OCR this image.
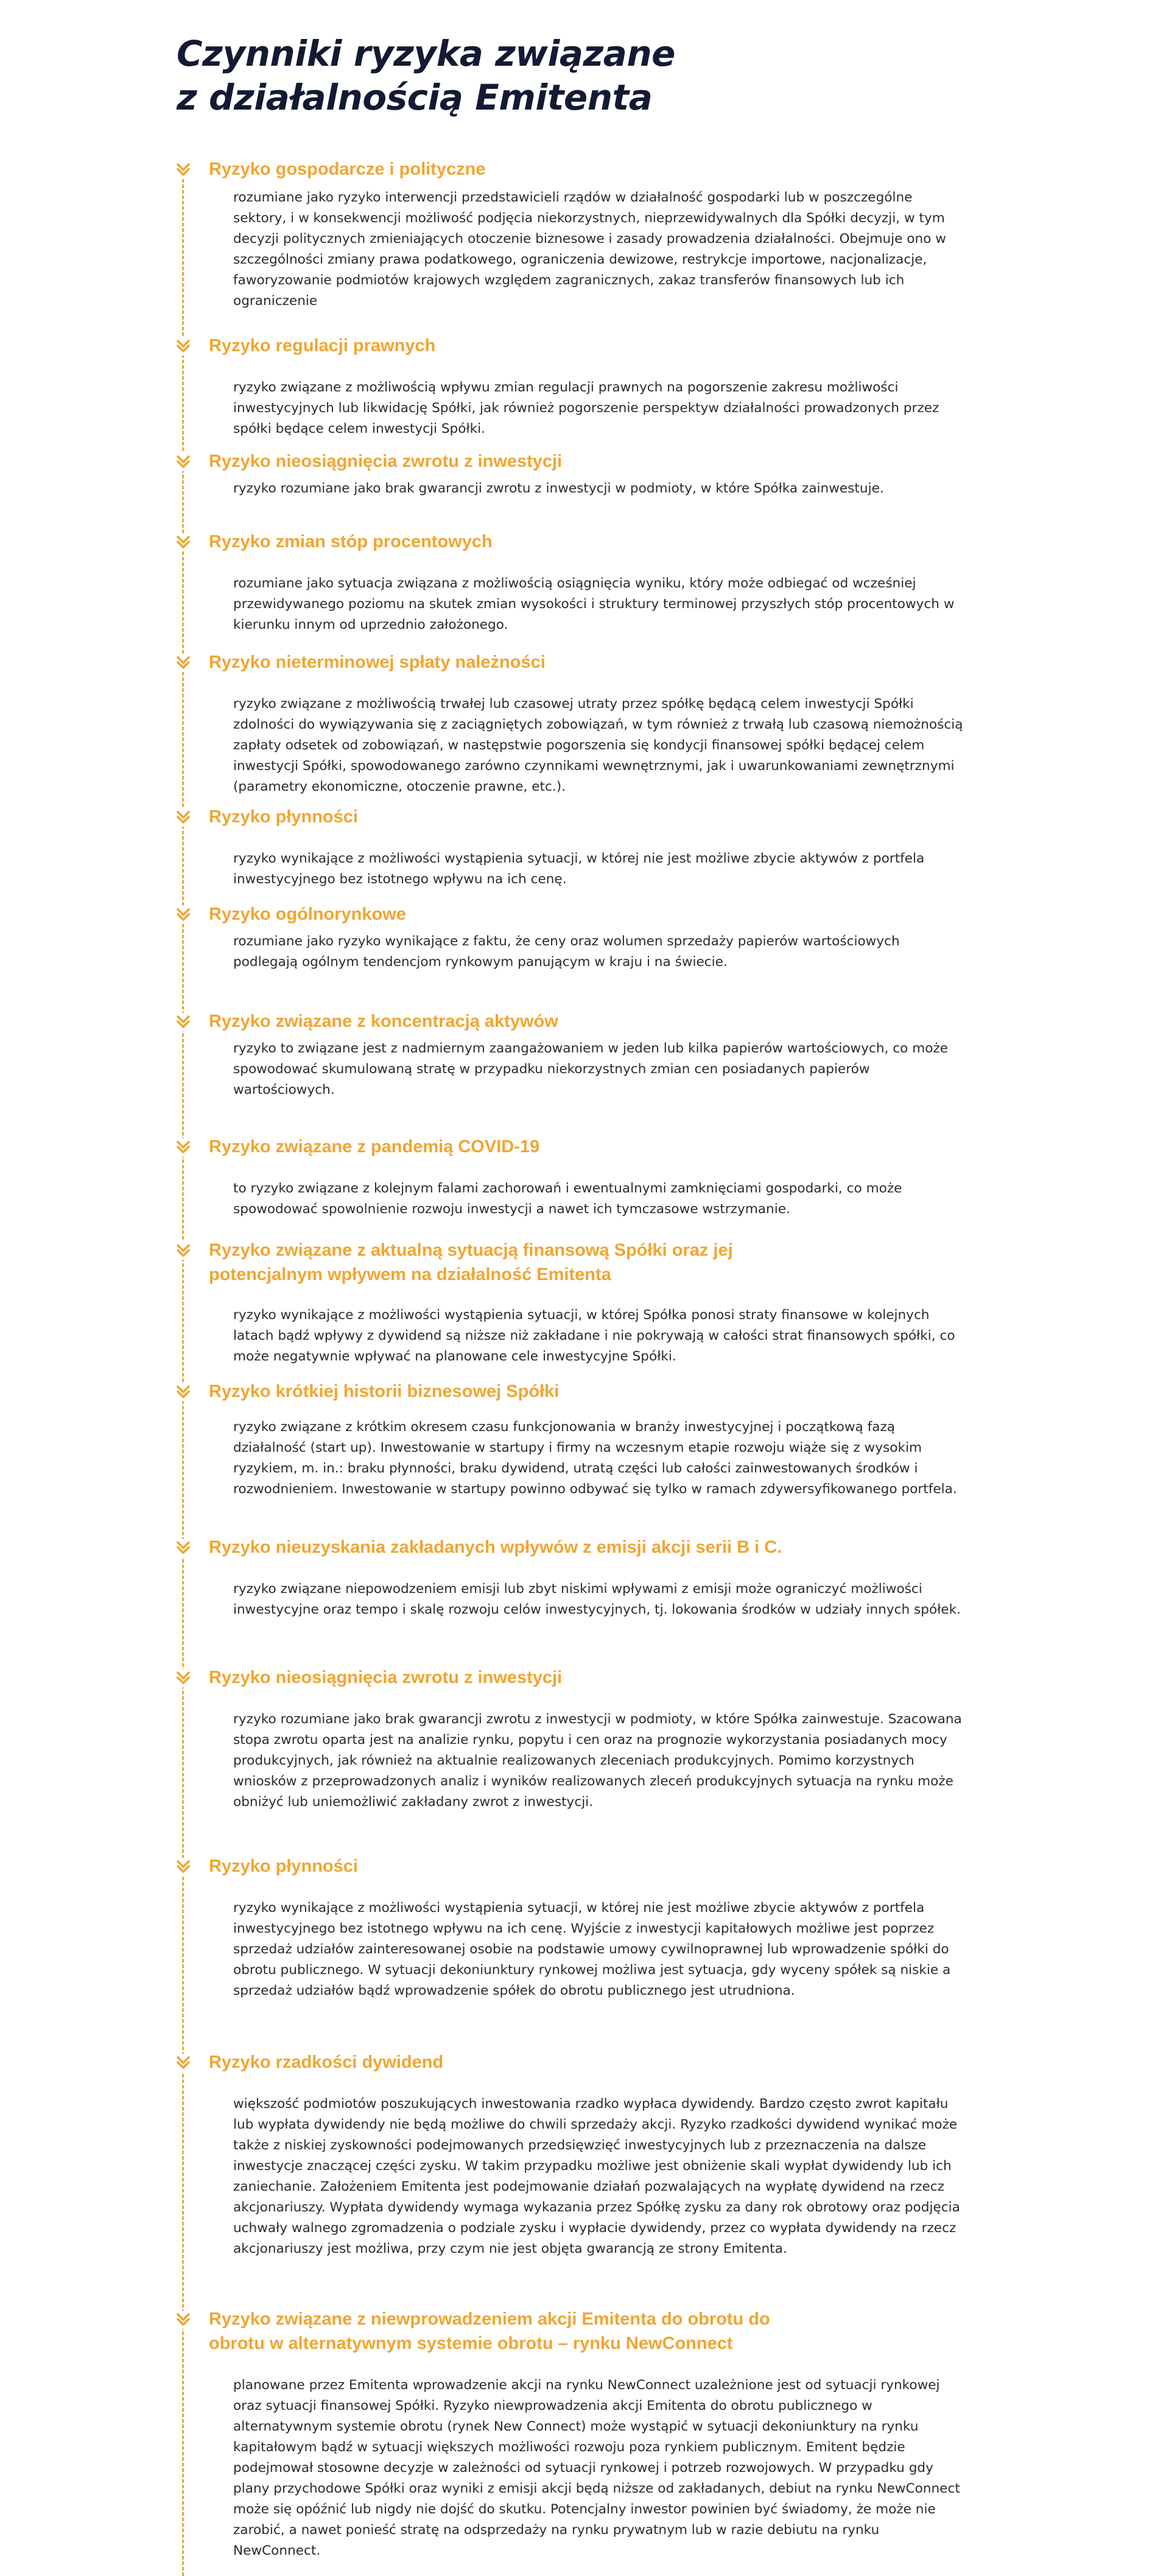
Czynniki ryzyka związane
z działalnością Emitenta
Ryzyko gospodarcze i polityczne

rozumiane jako ryzyko interwencji przedstawicieli rządów w działalność gospodarki lub w poszczególne sektory, i w konsekwencji możliwość podjęcia niekorzystnych, nieprzewidywalnych dla Spółki decyzji, w tym decyzji politycznych zmieniających otoczenie biznesowe i zasady prowadzenia działalności. Obejmuje ono w szczególności zmiany prawa podatkowego, ograniczenia dewizowe, restrykcje importowe, nacjonalizacje, faworyzowanie podmiotów krajowych względem zagranicznych, zakaz transferów finansowych lub ich ograniczenie

Ryzyko regulacji prawnych

ryzyko związane z możliwością wpływu zmian regulacji prawnych na pogorszenie zakresu możliwości inwestycyjnych lub likwidację Spółki, jak również pogorszenie perspektyw działalności prowadzonych przez spółki będące celem inwestycji Spółki.

Ryzyko nieosiągnięcia zwrotu z inwestycji

ryzyko rozumiane jako brak gwarancji zwrotu z inwestycji w podmioty, w które Spółka zainwestuje.

Ryzyko zmian stóp procentowych

rozumiane jako sytuacja związana z możliwością osiągnięcia wyniku, który może odbiegać od wcześniej przewidywanego poziomu na skutek zmian wysokości i struktury terminowej przyszłych stóp procentowych w kierunku innym od uprzednio założonego.

Ryzyko nieterminowej spłaty należności

ryzyko związane z możliwością trwałej lub czasowej utraty przez spółkę będącą celem inwestycji Spółki zdolności do wywiązywania się z zaciągniętych zobowiązań, w tym również z trwałą lub czasową niemożnością zapłaty odsetek od zobowiązań, w następstwie pogorszenia się kondycji finansowej spółki będącej celem inwestycji Spółki, spowodowanego zarówno czynnikami wewnętrznymi, jak i uwarunkowaniami zewnętrznymi (parametry ekonomiczne, otoczenie prawne, etc.).

Ryzyko płynności

ryzyko wynikające z możliwości wystąpienia sytuacji, w której nie jest możliwe zbycie aktywów z portfela inwestycyjnego bez istotnego wpływu na ich cenę.

Ryzyko ogólnorynkowe

rozumiane jako ryzyko wynikające z faktu, że ceny oraz wolumen sprzedaży papierów wartościowych podlegają ogólnym tendencjom rynkowym panującym w kraju i na świecie.

Ryzyko związane z koncentracją aktywów

ryzyko to związane jest z nadmiernym zaangażowaniem w jeden lub kilka papierów wartościowych, co może spowodować skumulowaną stratę w przypadku niekorzystnych zmian cen posiadanych papierów wartościowych.

Ryzyko związane z pandemią COVID-19

to ryzyko związane z kolejnym falami zachorowań i ewentualnymi zamknięciami gospodarki, co może spowodować spowolnienie rozwoju inwestycji a nawet ich tymczasowe wstrzymanie.

Ryzyko związane z aktualną sytuacją finansową Spółki oraz jej
potencjalnym wpływem na działalność Emitenta

ryzyko wynikające z możliwości wystąpienia sytuacji, w której Spółka ponosi straty finansowe w kolejnych latach bądź wpływy z dywidend są niższe niż zakładane i nie pokrywają w całości strat finansowych spółki, co może negatywnie wpływać na planowane cele inwestycyjne Spółki.

Ryzyko krótkiej historii biznesowej Spółki

ryzyko związane z krótkim okresem czasu funkcjonowania w branży inwestycyjnej i początkową fazą działalność (start up). Inwestowanie w startupy i firmy na wczesnym etapie rozwoju wiąże się z wysokim ryzykiem, m. in.: braku płynności, braku dywidend, utratą części lub całości zainwestowanych środków i rozwodnieniem. Inwestowanie w startupy powinno odbywać się tylko w ramach zdywersyfikowanego portfela.

Ryzyko nieuzyskania zakładanych wpływów z emisji akcji serii B i C.

ryzyko związane niepowodzeniem emisji lub zbyt niskimi wpływami z emisji może ograniczyć możliwości inwestycyjne oraz tempo i skalę rozwoju celów inwestycyjnych, tj. lokowania środków w udziały innych spółek.

Ryzyko nieosiągnięcia zwrotu z inwestycji

ryzyko rozumiane jako brak gwarancji zwrotu z inwestycji w podmioty, w które Spółka zainwestuje. Szacowana stopa zwrotu oparta jest na analizie rynku, popytu i cen oraz na prognozie wykorzystania posiadanych mocy produkcyjnych, jak również na aktualnie realizowanych zleceniach produkcyjnych. Pomimo korzystnych wniosków z przeprowadzonych analiz i wyników realizowanych zleceń produkcyjnych sytuacja na rynku może obniżyć lub uniemożliwić zakładany zwrot z inwestycji.

Ryzyko płynności

ryzyko wynikające z możliwości wystąpienia sytuacji, w której nie jest możliwe zbycie aktywów z portfela inwestycyjnego bez istotnego wpływu na ich cenę. Wyjście z inwestycji kapitałowych możliwe jest poprzez sprzedaż udziałów zainteresowanej osobie na podstawie umowy cywilnoprawnej lub wprowadzenie spółki do obrotu publicznego. W sytuacji dekoniunktury rynkowej możliwa jest sytuacja, gdy wyceny spółek są niskie a sprzedaż udziałów bądź wprowadzenie spółek do obrotu publicznego jest utrudniona.

Ryzyko rzadkości dywidend

większość podmiotów poszukujących inwestowania rzadko wypłaca dywidendy. Bardzo często zwrot kapitału lub wypłata dywidendy nie będą możliwe do chwili sprzedaży akcji. Ryzyko rzadkości dywidend wynikać może także z niskiej zyskowności podejmowanych przedsięwzięć inwestycyjnych lub z przeznaczenia na dalsze inwestycje znaczącej części zysku. W takim przypadku możliwe jest obniżenie skali wypłat dywidendy lub ich zaniechanie. Założeniem Emitenta jest podejmowanie działań pozwalających na wypłatę dywidend na rzecz akcjonariuszy. Wypłata dywidendy wymaga wykazania przez Spółkę zysku za dany rok obrotowy oraz podjęcia uchwały walnego zgromadzenia o podziale zysku i wypłacie dywidendy, przez co wypłata dywidendy na rzecz akcjonariuszy jest możliwa, przy czym nie jest objęta gwarancją ze strony Emitenta.

Ryzyko związane z niewprowadzeniem akcji Emitenta do obrotu do
obrotu w alternatywnym systemie obrotu – rynku NewConnect

planowane przez Emitenta wprowadzenie akcji na rynku NewConnect uzależnione jest od sytuacji rynkowej oraz sytuacji finansowej Spółki. Ryzyko niewprowadzenia akcji Emitenta do obrotu publicznego w alternatywnym systemie obrotu (rynek New Connect) może wystąpić w sytuacji dekoniunktury na rynku kapitałowym bądź w sytuacji większych możliwości rozwoju poza rynkiem publicznym. Emitent będzie podejmował stosowne decyzje w zależności od sytuacji rynkowej i potrzeb rozwojowych. W przypadku gdy plany przychodowe Spółki oraz wyniki z emisji akcji będą niższe od zakładanych, debiut na rynku NewConnect może się opóźnić lub nigdy nie dojść do skutku. Potencjalny inwestor powinien być świadomy, że może nie zarobić, a nawet ponieść stratę na odsprzedaży na rynku prywatnym lub w razie debiutu na rynku NewConnect.
